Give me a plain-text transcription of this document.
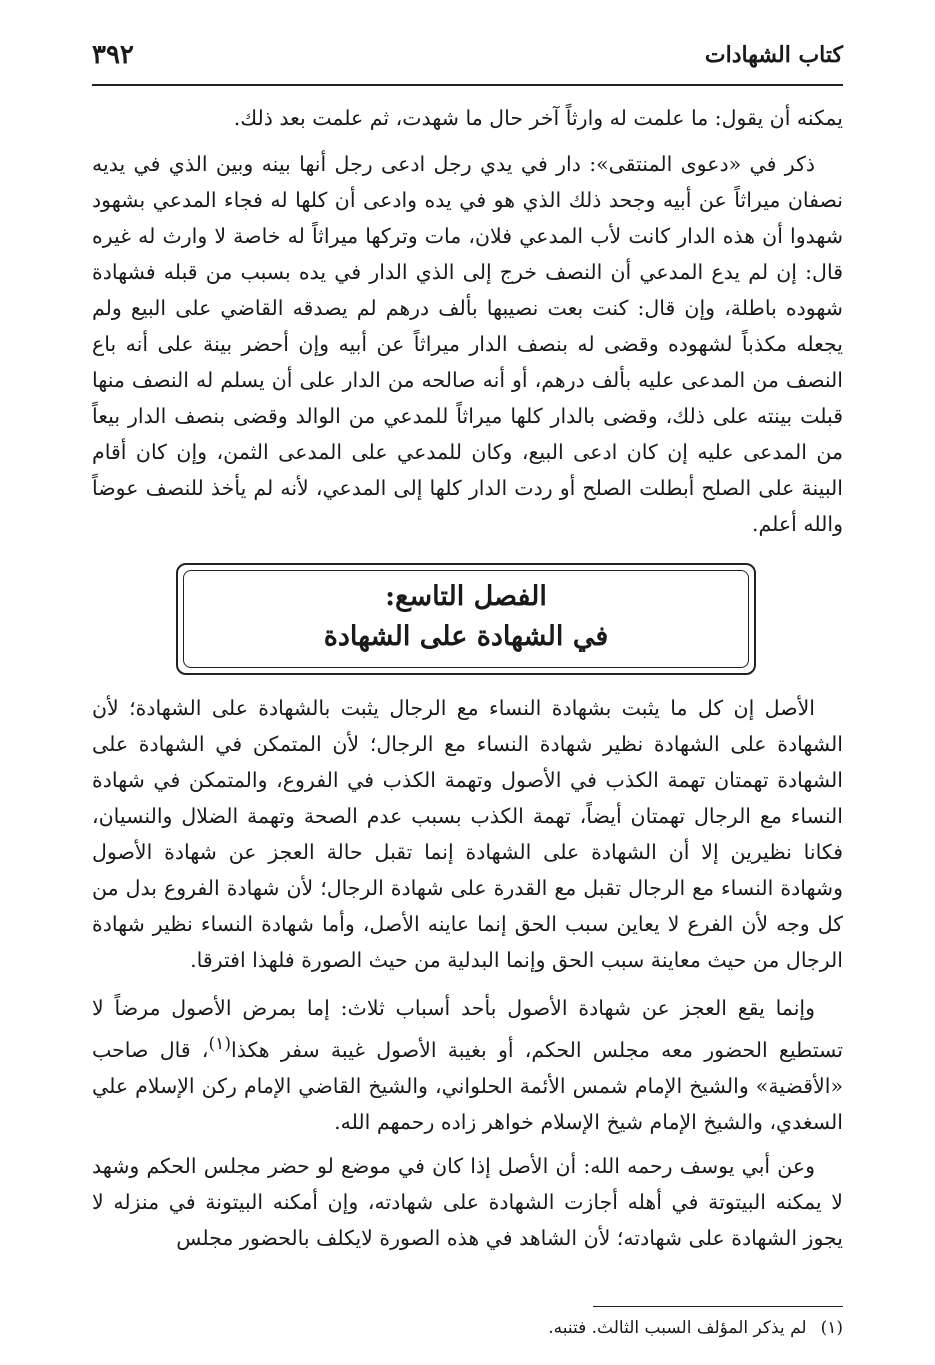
كتاب الشهادات
٣٩٢

يمكنه أن يقول: ما علمت له وارثاً آخر حال ما شهدت، ثم علمت بعد ذلك.

ذكر في «دعوى المنتقى»: دار في يدي رجل ادعى رجل أنها بينه وبين الذي في يديه نصفان ميراثاً عن أبيه وجحد ذلك الذي هو في يده وادعى أن كلها له فجاء المدعي بشهود شهدوا أن هذه الدار كانت لأب المدعي فلان، مات وتركها ميراثاً له خاصة لا وارث له غيره قال: إن لم يدع المدعي أن النصف خرج إلى الذي الدار في يده بسبب من قبله فشهادة شهوده باطلة، وإن قال: كنت بعت نصيبها بألف درهم لم يصدقه القاضي على البيع ولم يجعله مكذباً لشهوده وقضى له بنصف الدار ميراثاً عن أبيه وإن أحضر بينة على أنه باع النصف من المدعى عليه بألف درهم، أو أنه صالحه من الدار على أن يسلم له النصف منها قبلت بينته على ذلك، وقضى بالدار كلها ميراثاً للمدعي من الوالد وقضى بنصف الدار بيعاً من المدعى عليه إن كان ادعى البيع، وكان للمدعي على المدعى الثمن، وإن كان أقام البينة على الصلح أبطلت الصلح أو ردت الدار كلها إلى المدعي، لأنه لم يأخذ للنصف عوضاً والله أعلم.

الفصل التاسع:
في الشهادة على الشهادة

الأصل إن كل ما يثبت بشهادة النساء مع الرجال يثبت بالشهادة على الشهادة؛ لأن الشهادة على الشهادة نظير شهادة النساء مع الرجال؛ لأن المتمكن في الشهادة على الشهادة تهمتان تهمة الكذب في الأصول وتهمة الكذب في الفروع، والمتمكن في شهادة النساء مع الرجال تهمتان أيضاً، تهمة الكذب بسبب عدم الصحة وتهمة الضلال والنسيان، فكانا نظيرين إلا أن الشهادة على الشهادة إنما تقبل حالة العجز عن شهادة الأصول وشهادة النساء مع الرجال تقبل مع القدرة على شهادة الرجال؛ لأن شهادة الفروع بدل من كل وجه لأن الفرع لا يعاين سبب الحق إنما عاينه الأصل، وأما شهادة النساء نظير شهادة الرجال من حيث معاينة سبب الحق وإنما البدلية من حيث الصورة فلهذا افترقا.

وإنما يقع العجز عن شهادة الأصول بأحد أسباب ثلاث: إما بمرض الأصول مرضاً لا تستطيع الحضور معه مجلس الحكم، أو بغيبة الأصول غيبة سفر هكذا$^{(١)}$، قال صاحب «الأقضية» والشيخ الإمام شمس الأئمة الحلواني، والشيخ القاضي الإمام ركن الإسلام علي السغدي، والشيخ الإمام شيخ الإسلام خواهر زاده رحمهم الله.

وعن أبي يوسف رحمه الله: أن الأصل إذا كان في موضع لو حضر مجلس الحكم وشهد لا يمكنه البيتوتة في أهله أجازت الشهادة على شهادته، وإن أمكنه البيتونة في منزله لا يجوز الشهادة على شهادته؛ لأن الشاهد في هذه الصورة لايكلف بالحضور مجلس

(١)لم يذكر المؤلف السبب الثالث. فتنبه.
